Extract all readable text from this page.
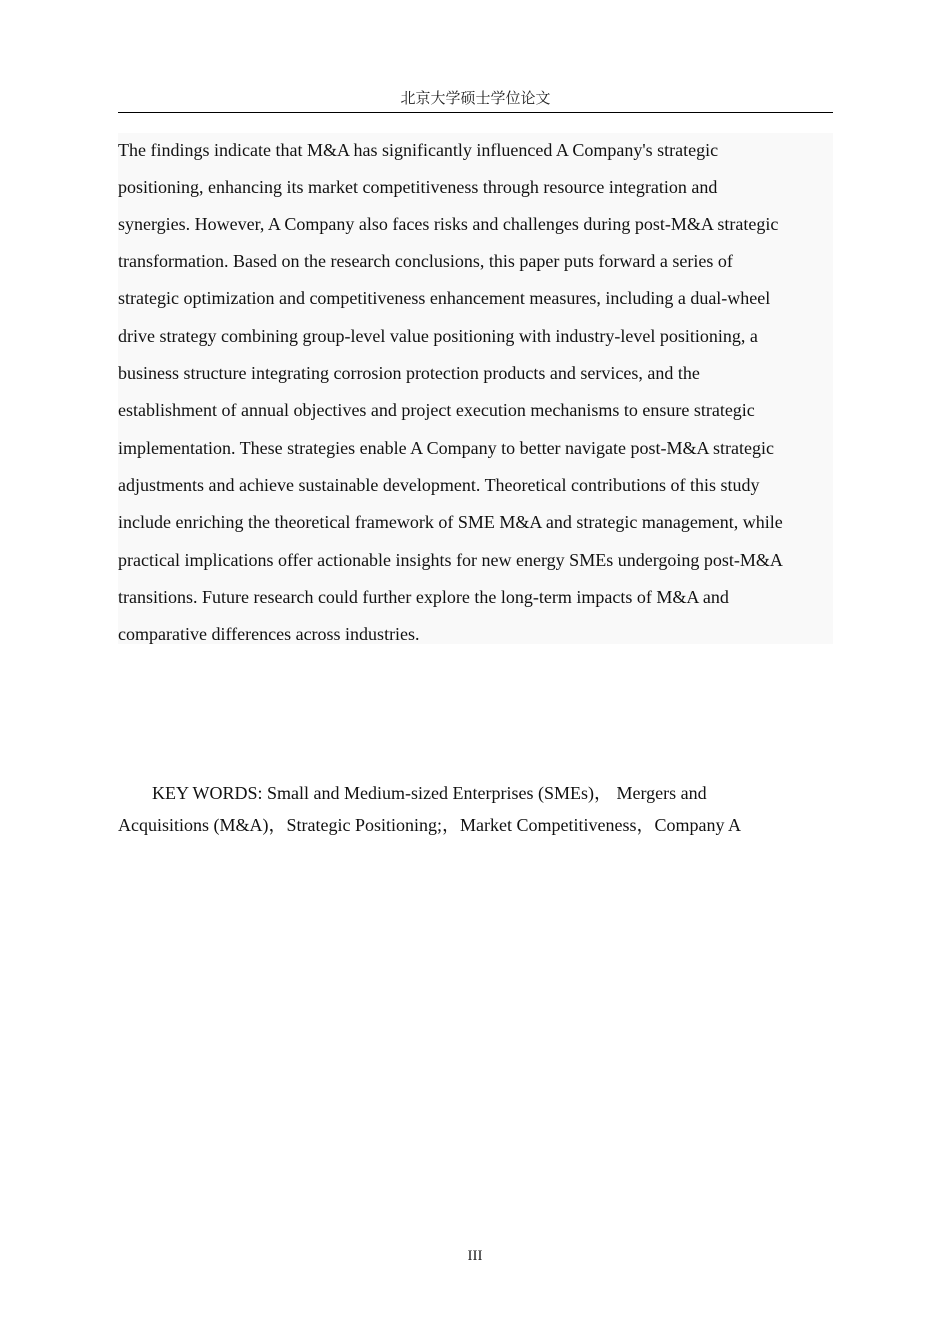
北京大学硕士学位论文
The findings indicate that M&A has significantly influenced A Company's strategic
positioning, enhancing its market competitiveness through resource integration and
synergies. However, A Company also faces risks and challenges during post-M&A strategic
transformation. Based on the research conclusions, this paper puts forward a series of
strategic optimization and competitiveness enhancement measures, including a dual-wheel
drive strategy combining group-level value positioning with industry-level positioning, a
business structure integrating corrosion protection products and services, and the
establishment of annual objectives and project execution mechanisms to ensure strategic
implementation. These strategies enable A Company to better navigate post-M&A strategic
adjustments and achieve sustainable development. Theoretical contributions of this study
include enriching the theoretical framework of SME M&A and strategic management, while
practical implications offer actionable insights for new energy SMEs undergoing post-M&A
transitions. Future research could further explore the long-term impacts of M&A and
comparative differences across industries.
KEY WORDS: Small and Medium-sized Enterprises (SMEs)， Mergers and
Acquisitions (M&A)，Strategic Positioning;，Market Competitiveness，Company A
III
